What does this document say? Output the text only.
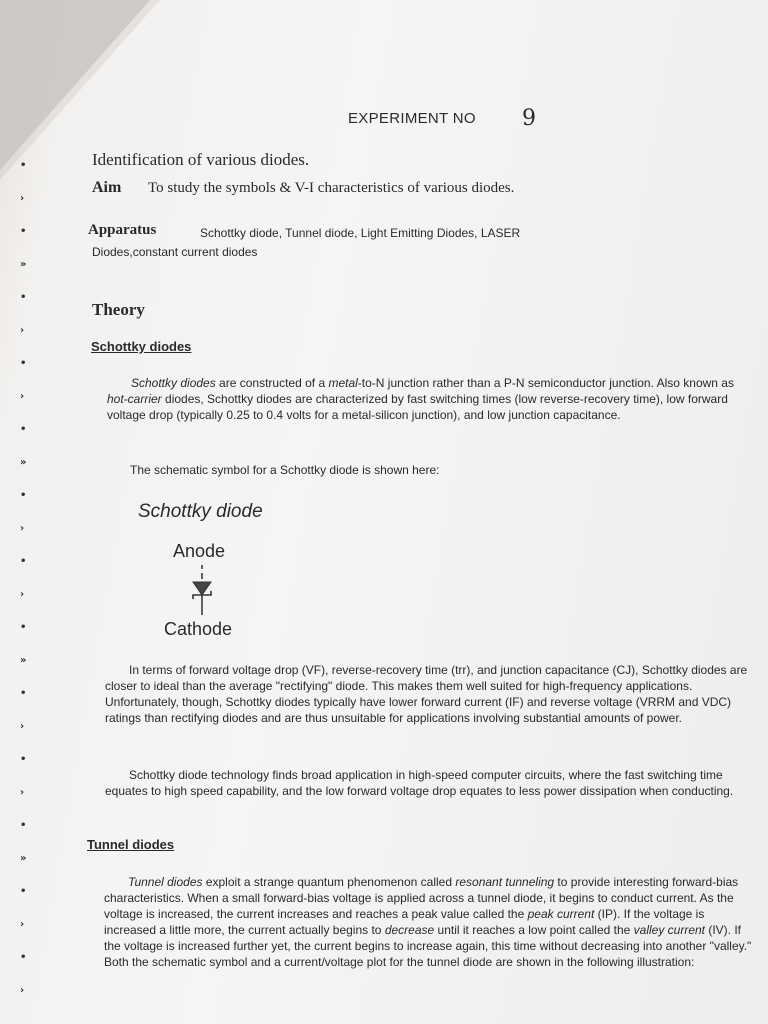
•
›
•
»
•
›
•
›
•
»
•
›
•
›
•
»
•
›
•
›
•
»
•
›
•
›
EXPERIMENT NO 9
Identification of various diodes.
Aim To study the symbols & V-I characteristics of various diodes.
Apparatus	Schottky diode, Tunnel diode, Light Emitting Diodes, LASER
Diodes,constant current diodes
Theory
Schottky diodes
Schottky diodes are constructed of a metal-to-N junction rather than a P-N semiconductor junction. Also known as hot-carrier diodes, Schottky diodes are characterized by fast switching times (low reverse-recovery time), low forward voltage drop (typically 0.25 to 0.4 volts for a metal-silicon junction), and low junction capacitance.
The schematic symbol for a Schottky diode is shown here:
Schottky diode
Anode
Cathode
In terms of forward voltage drop (VF), reverse-recovery time (trr), and junction capacitance (CJ), Schottky diodes are closer to ideal than the average "rectifying" diode. This makes them well suited for high-frequency applications. Unfortunately, though, Schottky diodes typically have lower forward current (IF) and reverse voltage (VRRM and VDC) ratings than rectifying diodes and are thus unsuitable for applications involving substantial amounts of power.
Schottky diode technology finds broad application in high-speed computer circuits, where the fast switching time equates to high speed capability, and the low forward voltage drop equates to less power dissipation when conducting.
Tunnel diodes
Tunnel diodes exploit a strange quantum phenomenon called resonant tunneling to provide interesting forward-bias characteristics. When a small forward-bias voltage is applied across a tunnel diode, it begins to conduct current. As the voltage is increased, the current increases and reaches a peak value called the peak current (IP). If the voltage is increased a little more, the current actually begins to decrease until it reaches a low point called the valley current (IV). If the voltage is increased further yet, the current begins to increase again, this time without decreasing into another "valley." Both the schematic symbol and a current/voltage plot for the tunnel diode are shown in the following illustration:
